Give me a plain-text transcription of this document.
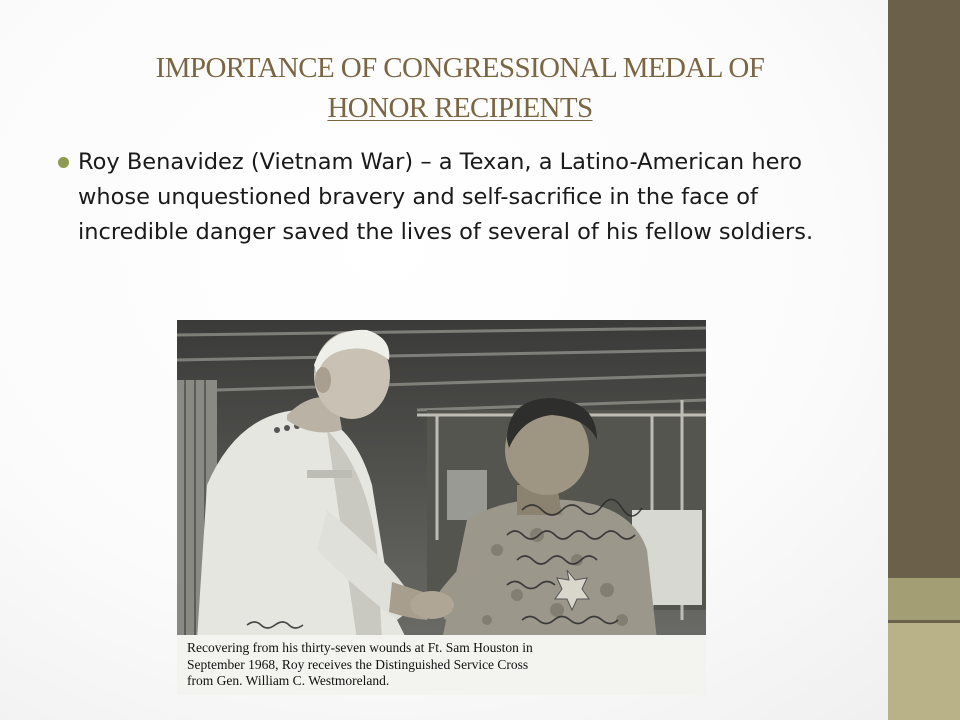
IMPORTANCE OF CONGRESSIONAL MEDAL OF
HONOR RECIPIENTS
Roy Benavidez (Vietnam War) – a Texan, a Latino-American hero whose unquestioned bravery and self-sacrifice in the face of incredible danger saved the lives of several of his fellow soldiers.
Recovering from his thirty-seven wounds at Ft. Sam Houston in
September 1968, Roy receives the Distinguished Service Cross
from Gen. William C. Westmoreland.
